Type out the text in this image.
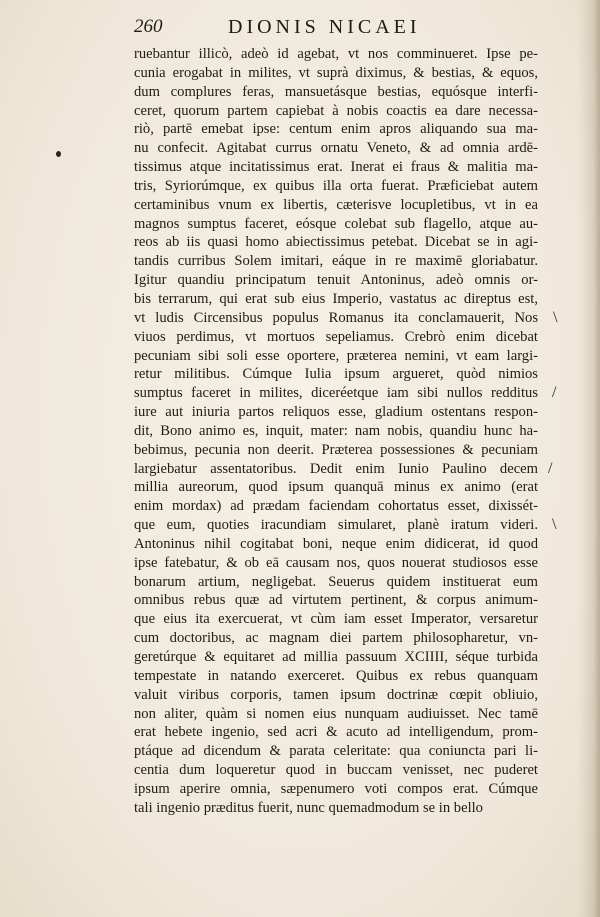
260	DIONIS NICAEI
ruebantur illicò, adeò id agebat, vt nos comminueret. Ipse pe-
cunia erogabat in milites, vt suprà diximus, & bestias, & equos,
dum complures feras, mansuetásque bestias, equósque interfi-
ceret, quorum partem capiebat à nobis coactis ea dare necessa-
riò, partē emebat ipse: centum enim apros aliquando sua ma-
nu confecit. Agitabat currus ornatu Veneto, & ad omnia ardē-
tissimus atque incitatissimus erat. Inerat ei fraus & malitia ma-
tris, Syriorúmque, ex quibus illa orta fuerat. Præficiebat autem
certaminibus vnum ex libertis, cæterisve locupletibus, vt in ea
magnos sumptus faceret, eósque colebat sub flagello, atque au-
reos ab iis quasi homo abiectissimus petebat. Dicebat se in agi-
tandis curribus Solem imitari, eáque in re maximē gloriabatur.
Igitur quandiu principatum tenuit Antoninus, adeò omnis or-
bis terrarum, qui erat sub eius Imperio, vastatus ac direptus est,
vt ludis Circensibus populus Romanus ita conclamauerit, Nos
viuos perdimus, vt mortuos sepeliamus. Crebrò enim dicebat
pecuniam sibi soli esse oportere, præterea nemini, vt eam largi-
retur militibus. Cúmque Iulia ipsum argueret, quòd nimios
sumptus faceret in milites, diceréetque iam sibi nullos redditus
iure aut iniuria partos reliquos esse, gladium ostentans respon-
dit, Bono animo es, inquit, mater: nam nobis, quandiu hunc ha-
bebimus, pecunia non deerit. Præterea possessiones & pecuniam
largiebatur assentatoribus. Dedit enim Iunio Paulino decem
millia aureorum, quod ipsum quanquā minus ex animo (erat
enim mordax) ad prædam faciendam cohortatus esset, dixissét-
que eum, quoties iracundiam simularet, planè iratum videri.
Antoninus nihil cogitabat boni, neque enim didicerat, id quod
ipse fatebatur, & ob eā causam nos, quos nouerat studiosos esse
bonarum artium, negligebat. Seuerus quidem instituerat eum
omnibus rebus quæ ad virtutem pertinent, & corpus animum-
que eius ita exercuerat, vt cùm iam esset Imperator, versaretur
cum doctoribus, ac magnam diei partem philosopharetur, vn-
geretúrque & equitaret ad millia passuum XCIIII, séque turbida
tempestate in natando exerceret. Quibus ex rebus quanquam
valuit viribus corporis, tamen ipsum doctrinæ cœpit obliuio,
non aliter, quàm si nomen eius nunquam audiuisset. Nec tamē
erat hebete ingenio, sed acri & acuto ad intelligendum, prom-
ptáque ad dicendum & parata celeritate: qua coniuncta pari li-
centia dum loqueretur quod in buccam venisset, nec puderet
ipsum aperire omnia, sæpenumero voti compos erat. Cúmque
tali ingenio præditus fuerit, nunc quemadmodum se in bello
\
/
/
\
